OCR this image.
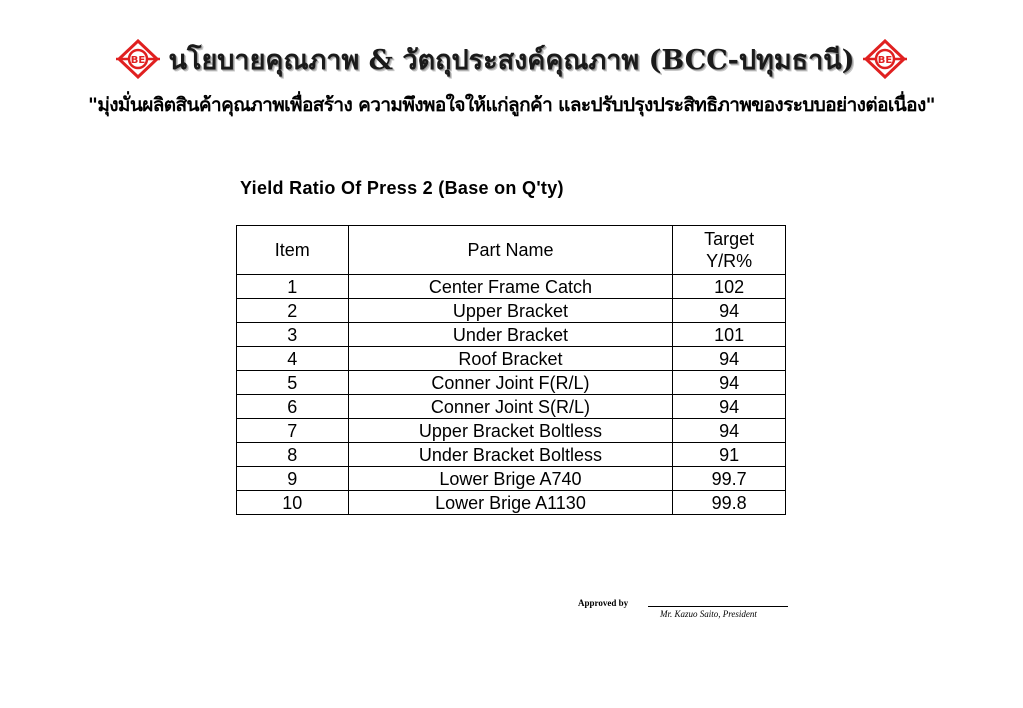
BE นโยบายคุณภาพ & วัตถุประสงค์คุณภาพ (BCC-ปทุมธานี) BE
"มุ่งมั่นผลิตสินค้าคุณภาพเพื่อสร้าง ความพึงพอใจให้แก่ลูกค้า และปรับปรุงประสิทธิภาพของระบบอย่างต่อเนื่อง"
Yield Ratio Of Press 2 (Base on Q'ty)
Item	Part Name	Target
Y/R%

1	Center Frame Catch	102
2	Upper Bracket	94
3	Under Bracket	101
4	Roof Bracket	94
5	Conner Joint F(R/L)	94
6	Conner Joint S(R/L)	94
7	Upper Bracket Boltless	94
8	Under Bracket Boltless	91
9	Lower Brige A740	99.7
10	Lower Brige A1130	99.8
Approved by
Mr. Kazuo Saito, President
